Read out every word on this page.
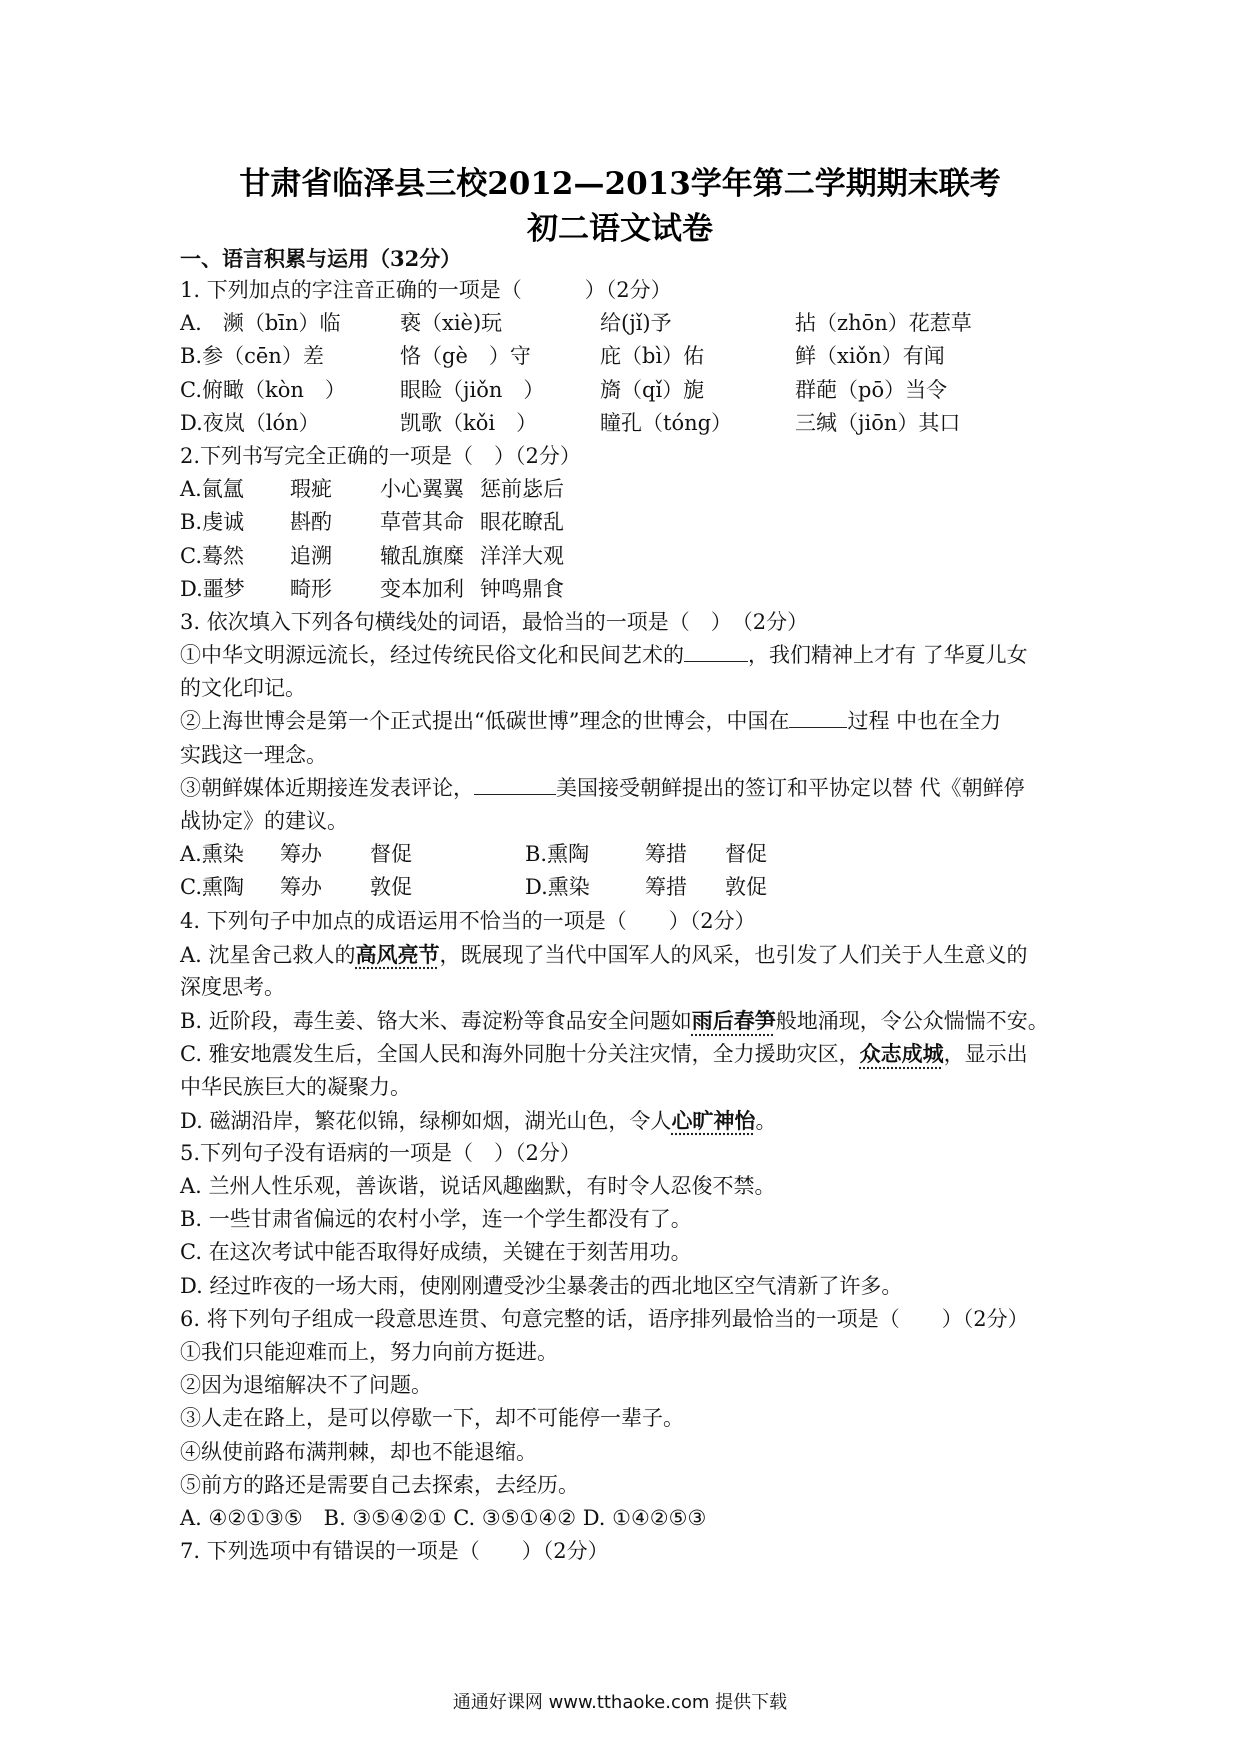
甘肃省临泽县三校2012—2013学年第二学期期末联考
初二语文试卷
一、语言积累与运用（32分）
1. 下列加点的字注音正确的一项是（　　　）（2分）
A.　濒（bīn）临	亵（xiè)玩	给(jǐ)予	拈（zhōn）花惹草
B.参（cēn）差	恪（gè　）守	庇（bì）佑	鲜（xiǒn）有闻
C.俯瞰（kòn　）	眼睑（jiǒn　）	旖（qǐ）旎	群葩（pō）当令
D.夜岚（lón）	凯歌（kǒi　）	瞳孔（tóng）	三缄（jiōn）其口
2.下列书写完全正确的一项是（　）（2分）
A.氤氲 瑕疵 小心翼翼 惩前毖后
B.虔诚 斟酌 草菅其命 眼花瞭乱
C.蓦然 追溯 辙乱旗糜 洋洋大观
D.噩梦 畸形 变本加利 钟鸣鼎食
3. 依次填入下列各句横线处的词语，最恰当的一项是（　）　（2分）
①中华文明源远流长，经过传统民俗文化和民间艺术的	，我们精神上才有 了华夏儿女
的文化印记。
②上海世博会是第一个正式提出“低碳世博”理念的世博会，中国在	过程 中也在全力
实践这一理念。
③朝鲜媒体近期接连发表评论，	美国接受朝鲜提出的签订和平协定以替 代《朝鲜停
战协定》的建议。
A.熏染 筹办 督促	B.熏陶	筹措 督促
C.熏陶 筹办 敦促	D.熏染	筹措 敦促
4. 下列句子中加点的成语运用不恰当的一项是（　　）（2分）
A. 沈星舍己救人的高风亮节，既展现了当代中国军人的风采，也引发了人们关于人生意义的
深度思考。
B. 近阶段，毒生姜、铬大米、毒淀粉等食品安全问题如雨后春笋般地涌现，令公众惴惴不安。
C. 雅安地震发生后，全国人民和海外同胞十分关注灾情，全力援助灾区，众志成城，显示出
中华民族巨大的凝聚力。
D. 磁湖沿岸，繁花似锦，绿柳如烟，湖光山色，令人心旷神怡。
5.下列句子没有语病的一项是（　）（2分）
A. 兰州人性乐观，善诙谐，说话风趣幽默，有时令人忍俊不禁。
B. 一些甘肃省偏远的农村小学，连一个学生都没有了。
C. 在这次考试中能否取得好成绩，关键在于刻苦用功。
D. 经过昨夜的一场大雨，使刚刚遭受沙尘暴袭击的西北地区空气清新了许多。
6. 将下列句子组成一段意思连贯、句意完整的话，语序排列最恰当的一项是（　　）（2分）
①我们只能迎难而上，努力向前方挺进。
②因为退缩解决不了问题。
③人走在路上，是可以停歇一下，却不可能停一辈子。
④纵使前路布满荆棘，却也不能退缩。
⑤前方的路还是需要自己去探索，去经历。
A. ④②①③⑤　B. ③⑤④②① C. ③⑤①④② D. ①④②⑤③
7. 下列选项中有错误的一项是（　　）（2分）
通通好课网 www.tthaoke.com 提供下载
